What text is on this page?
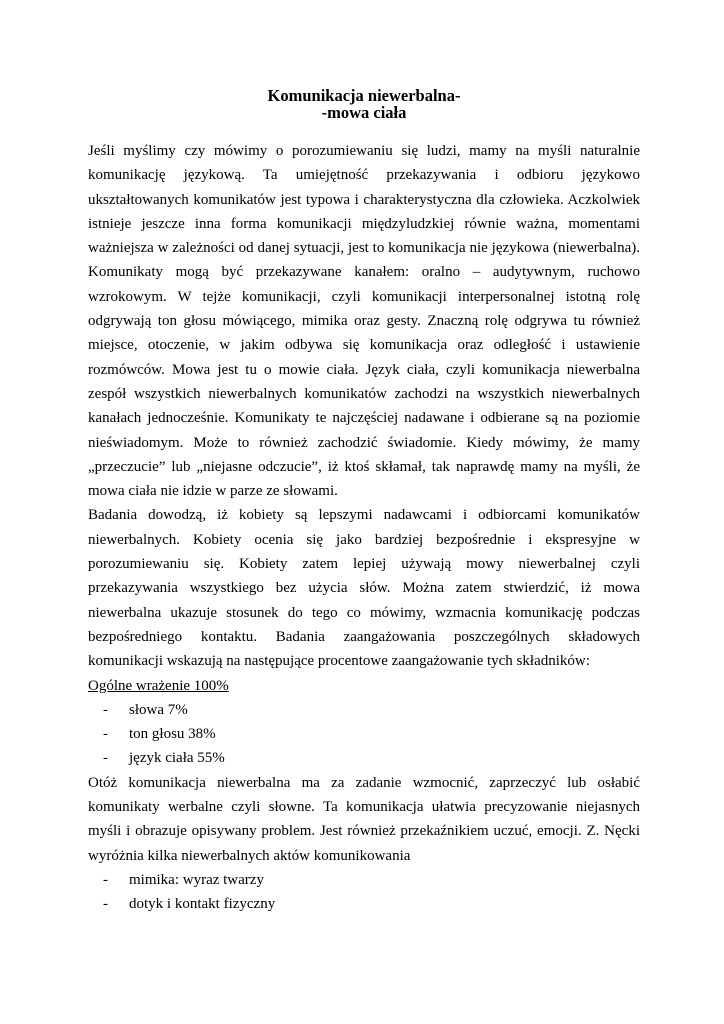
Komunikacja niewerbalna-

-mowa ciała

Jeśli myślimy czy mówimy o porozumiewaniu się ludzi, mamy na myśli naturalnie komunikację językową. Ta umiejętność przekazywania i odbioru językowo ukształtowanych komunikatów jest typowa i charakterystyczna dla człowieka. Aczkolwiek istnieje jeszcze inna forma komunikacji międzyludzkiej równie ważna, momentami ważniejsza w zależności od danej sytuacji, jest to komunikacja nie językowa (niewerbalna). Komunikaty mogą być przekazywane kanałem: oralno – audytywnym, ruchowo wzrokowym. W tejże komunikacji, czyli komunikacji interpersonalnej istotną rolę odgrywają ton głosu mówiącego, mimika oraz gesty. Znaczną rolę odgrywa tu również miejsce, otoczenie, w jakim odbywa się komunikacja oraz odległość i ustawienie rozmówców. Mowa jest tu o mowie ciała. Język ciała, czyli komunikacja niewerbalna zespół wszystkich niewerbalnych komunikatów zachodzi na wszystkich niewerbalnych kanałach jednocześnie. Komunikaty te najczęściej nadawane i odbierane są na poziomie nieświadomym. Może to również zachodzić świadomie. Kiedy mówimy, że mamy „przeczucie” lub „niejasne odczucie”, iż ktoś skłamał, tak naprawdę mamy na myśli, że mowa ciała nie idzie w parze ze słowami.

Badania dowodzą, iż kobiety są lepszymi nadawcami i odbiorcami komunikatów niewerbalnych. Kobiety ocenia się jako bardziej bezpośrednie i ekspresyjne w porozumiewaniu się. Kobiety zatem lepiej używają mowy niewerbalnej czyli przekazywania wszystkiego bez użycia słów. Można zatem stwierdzić, iż mowa niewerbalna ukazuje stosunek do tego co mówimy, wzmacnia komunikację podczas bezpośredniego kontaktu. Badania zaangażowania poszczególnych składowych komunikacji wskazują na następujące procentowe zaangażowanie tych składników:

Ogólne wrażenie 100%

- słowa 7%
- ton głosu 38%
- język ciała 55%

Otóż komunikacja niewerbalna ma za zadanie wzmocnić, zaprzeczyć lub osłabić komunikaty werbalne czyli słowne. Ta komunikacja ułatwia precyzowanie niejasnych myśli i obrazuje opisywany problem. Jest również przekaźnikiem uczuć, emocji. Z. Nęcki wyróżnia kilka niewerbalnych aktów komunikowania

- mimika: wyraz twarzy
- dotyk i kontakt fizyczny
